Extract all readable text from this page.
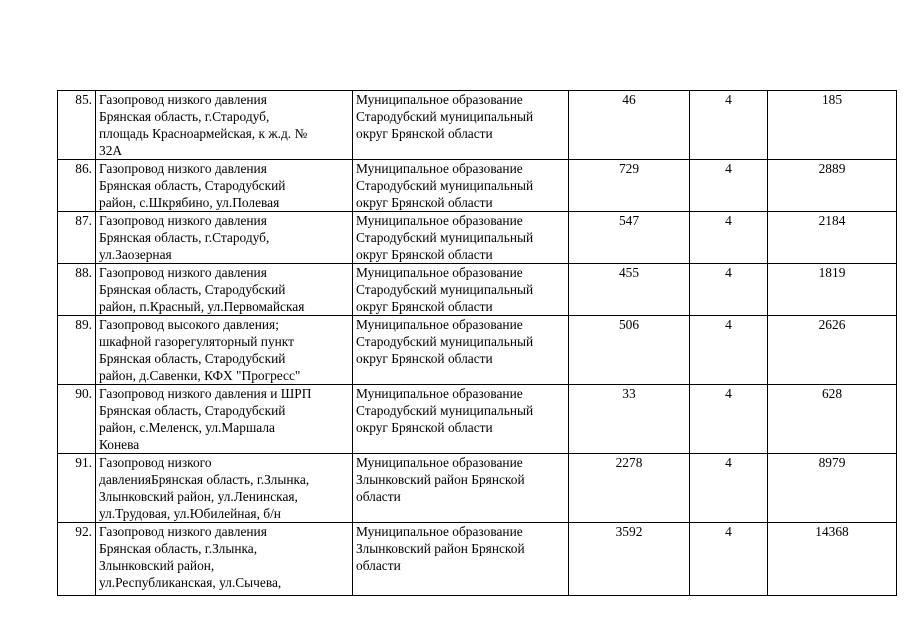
85.	Газопровод низкого давления
Брянская область, г.Стародуб,
площадь Красноармейская, к ж.д. №
32А	Муниципальное образование
Стародубский муниципальный
округ Брянской области	46	4	185
86.	Газопровод низкого давления
Брянская область, Стародубский
район, с.Шкрябино, ул.Полевая	Муниципальное образование
Стародубский муниципальный
округ Брянской области	729	4	2889
87.	Газопровод низкого давления
Брянская область, г.Стародуб,
ул.Заозерная	Муниципальное образование
Стародубский муниципальный
округ Брянской области	547	4	2184
88.	Газопровод низкого давления
Брянская область, Стародубский
район, п.Красный, ул.Первомайская	Муниципальное образование
Стародубский муниципальный
округ Брянской области	455	4	1819
89.	Газопровод высокого давления;
шкафной газорегуляторный пункт
Брянская область, Стародубский
район, д.Савенки, КФХ "Прогресс"	Муниципальное образование
Стародубский муниципальный
округ Брянской области	506	4	2626
90.	Газопровод низкого давления и ШРП
Брянская область, Стародубский
район, с.Меленск, ул.Маршала
Конева	Муниципальное образование
Стародубский муниципальный
округ Брянской области	33	4	628
91.	Газопровод низкого
давленияБрянская область, г.Злынка,
Злынковский район, ул.Ленинская,
ул.Трудовая, ул.Юбилейная, б/н	Муниципальное образование
Злынковский район Брянской
области	2278	4	8979
92.	Газопровод низкого давления
Брянская область, г.Злынка,
Злынковский район,
ул.Республиканская, ул.Сычева,	Муниципальное образование
Злынковский район Брянской
области	3592	4	14368
